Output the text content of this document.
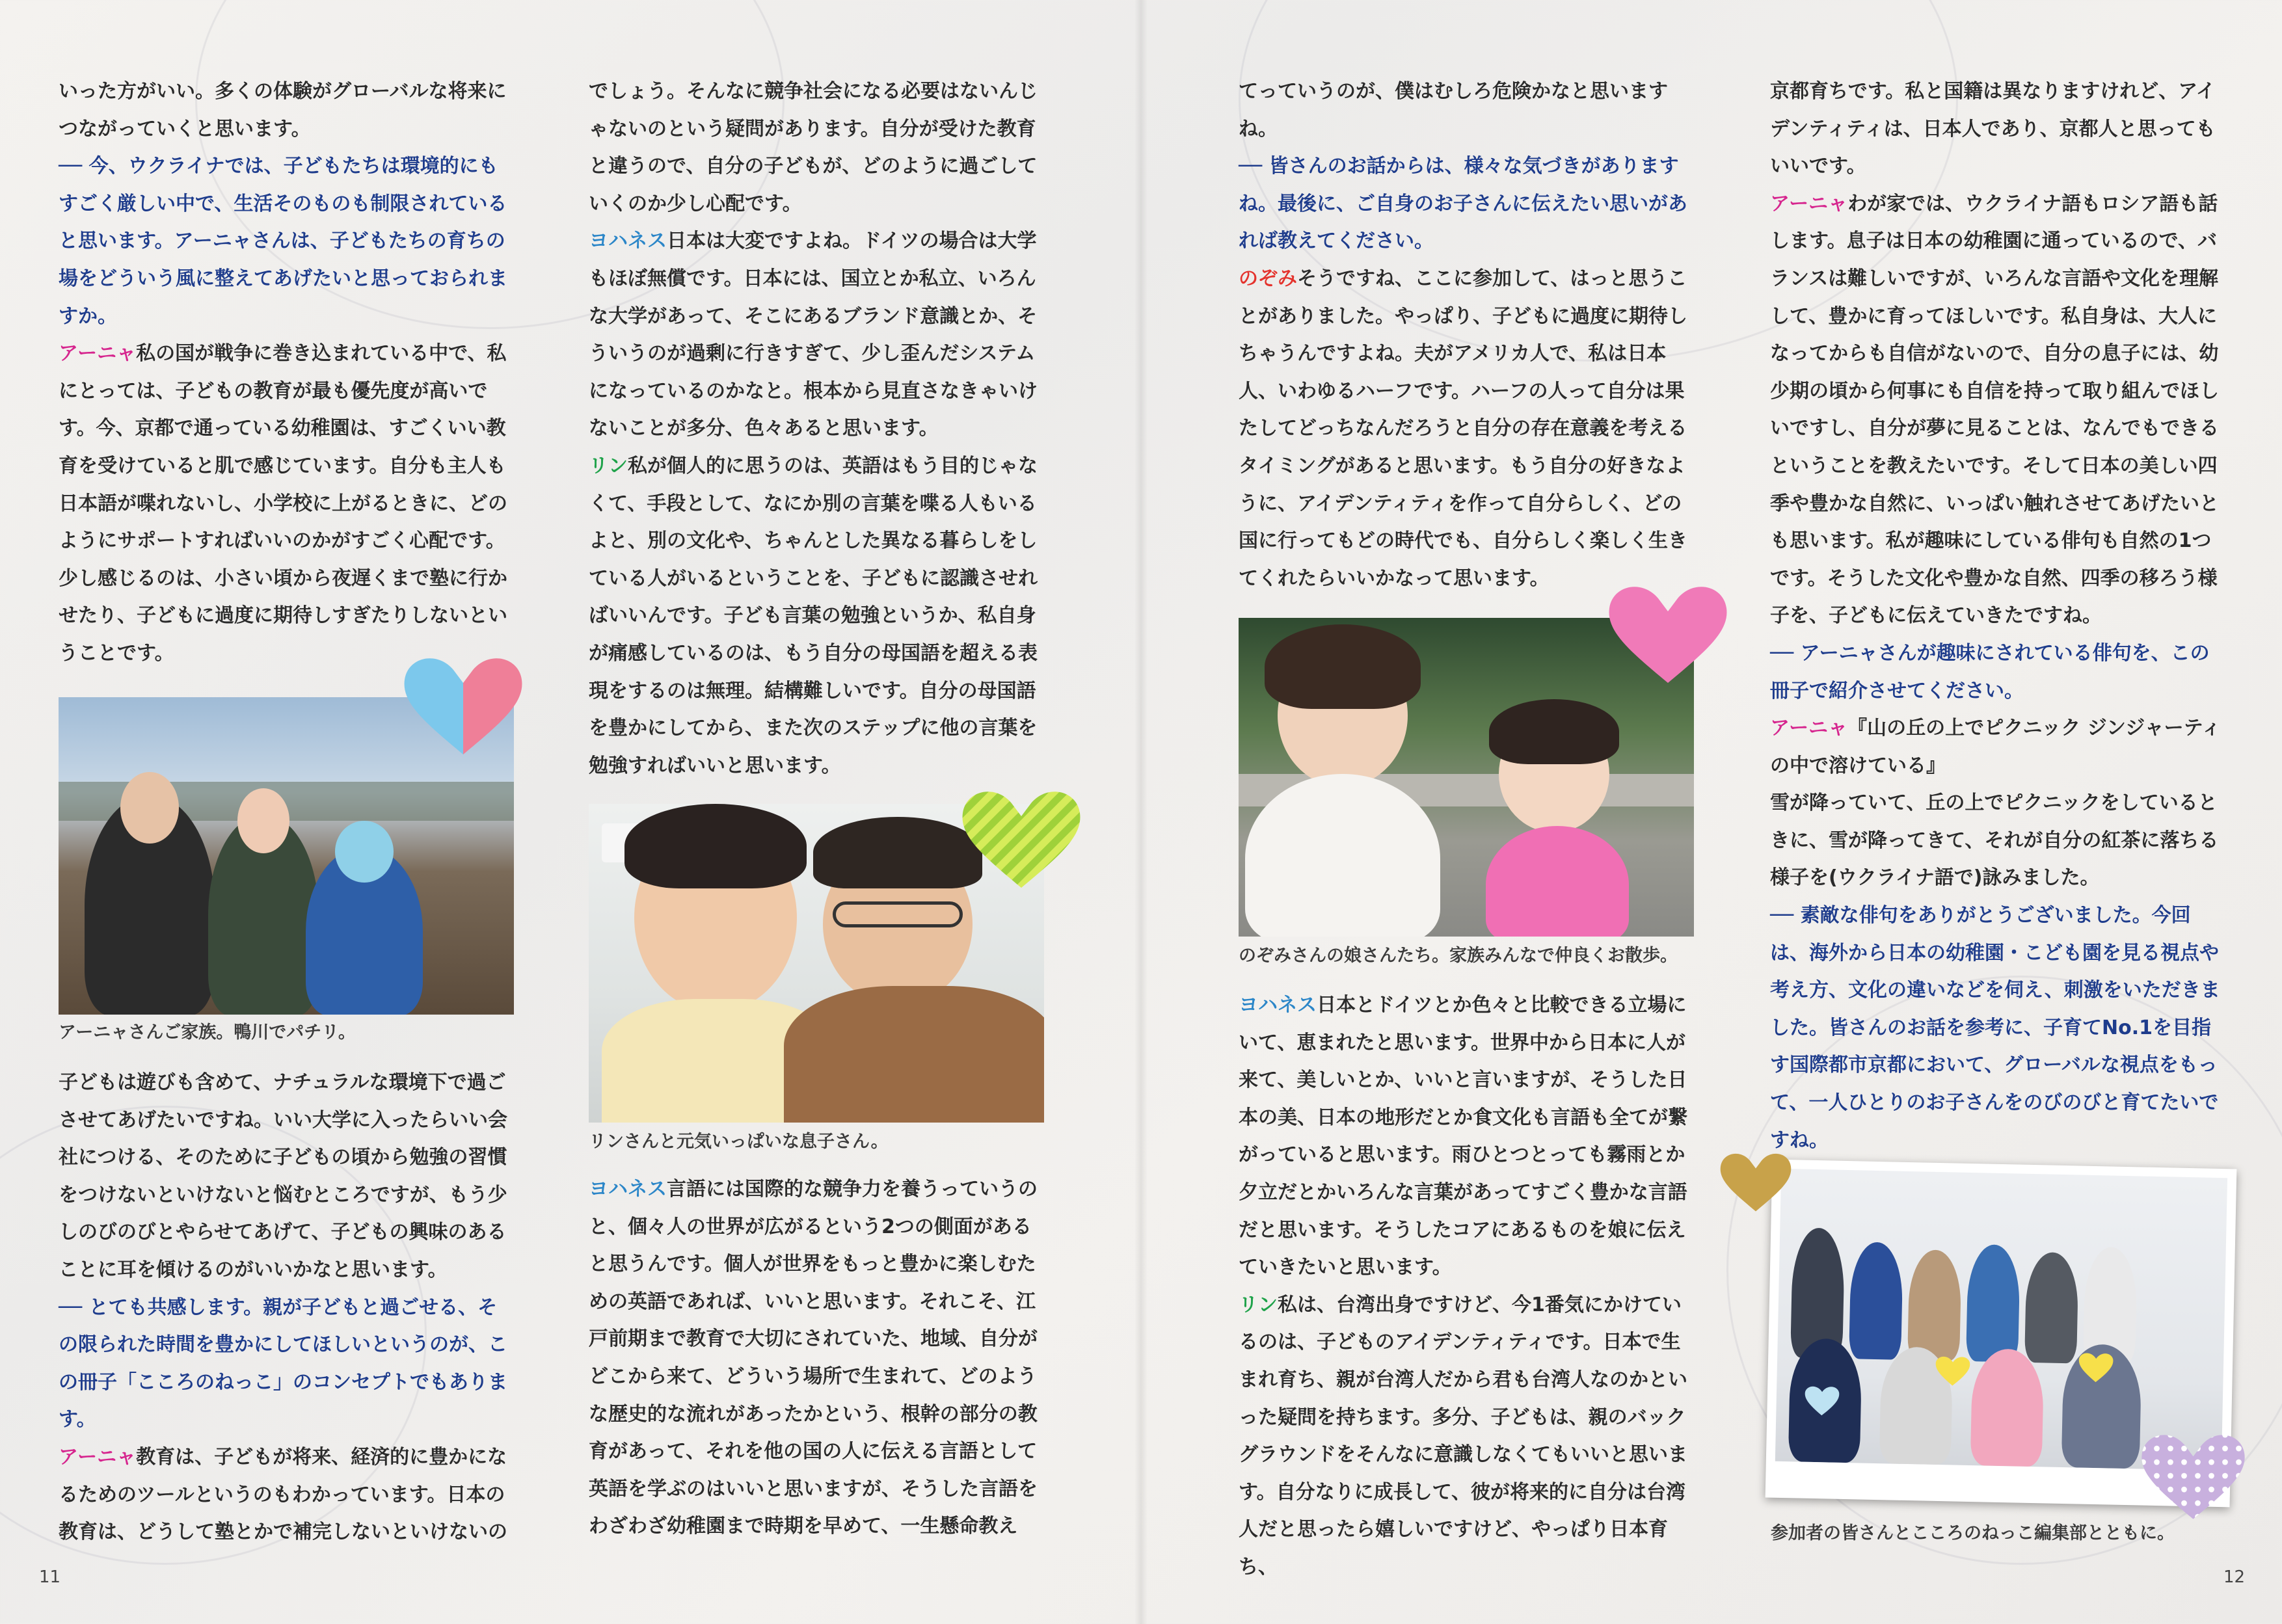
いった方がいい。多くの体験がグローバルな将来につながっていくと思います。

── 今、ウクライナでは、子どもたちは環境的にもすごく厳しい中で、生活そのものも制限されていると思います。アーニャさんは、子どもたちの育ちの場をどういう風に整えてあげたいと思っておられますか。

アーニャ私の国が戦争に巻き込まれている中で、私にとっては、子どもの教育が最も優先度が高いです。今、京都で通っている幼稚園は、すごくいい教育を受けていると肌で感じています。自分も主人も日本語が喋れないし、小学校に上がるときに、どのようにサポートすればいいのかがすごく心配です。少し感じるのは、小さい頃から夜遅くまで塾に行かせたり、子どもに過度に期待しすぎたりしないということです。

アーニャさんご家族。鴨川でパチリ。

子どもは遊びも含めて、ナチュラルな環境下で過ごさせてあげたいですね。いい大学に入ったらいい会社につける、そのために子どもの頃から勉強の習慣をつけないといけないと悩むところですが、もう少しのびのびとやらせてあげて、子どもの興味のあることに耳を傾けるのがいいかなと思います。

── とても共感します。親が子どもと過ごせる、その限られた時間を豊かにしてほしいというのが、この冊子「こころのねっこ」のコンセプトでもあります。

アーニャ教育は、子どもが将来、経済的に豊かになるためのツールというのもわかっています。日本の教育は、どうして塾とかで補完しないといけないの

でしょう。そんなに競争社会になる必要はないんじゃないのという疑問があります。自分が受けた教育と違うので、自分の子どもが、どのように過ごしていくのか少し心配です。

ヨハネス日本は大変ですよね。ドイツの場合は大学もほぼ無償です。日本には、国立とか私立、いろんな大学があって、そこにあるブランド意識とか、そういうのが過剰に行きすぎて、少し歪んだシステムになっているのかなと。根本から見直さなきゃいけないことが多分、色々あると思います。

リン私が個人的に思うのは、英語はもう目的じゃなくて、手段として、なにか別の言葉を喋る人もいるよと、別の文化や、ちゃんとした異なる暮らしをしている人がいるということを、子どもに認識させればいいんです。子ども言葉の勉強というか、私自身が痛感しているのは、もう自分の母国語を超える表現をするのは無理。結構難しいです。自分の母国語を豊かにしてから、また次のステップに他の言葉を勉強すればいいと思います。

リンさんと元気いっぱいな息子さん。

ヨハネス言語には国際的な競争力を養うっていうのと、個々人の世界が広がるという2つの側面があると思うんです。個人が世界をもっと豊かに楽しむための英語であれば、いいと思います。それこそ、江戸前期まで教育で大切にされていた、地域、自分がどこから来て、どういう場所で生まれて、どのような歴史的な流れがあったかという、根幹の部分の教育があって、それを他の国の人に伝える言語として英語を学ぶのはいいと思いますが、そうした言語をわざわざ幼稚園まで時期を早めて、一生懸命教え

11

てっていうのが、僕はむしろ危険かなと思いますね。

── 皆さんのお話からは、様々な気づきがありますね。最後に、ご自身のお子さんに伝えたい思いがあれば教えてください。

のぞみそうですね、ここに参加して、はっと思うことがありました。やっぱり、子どもに過度に期待しちゃうんですよね。夫がアメリカ人で、私は日本人、いわゆるハーフです。ハーフの人って自分は果たしてどっちなんだろうと自分の存在意義を考えるタイミングがあると思います。もう自分の好きなように、アイデンティティを作って自分らしく、どの国に行ってもどの時代でも、自分らしく楽しく生きてくれたらいいかなって思います。

のぞみさんの娘さんたち。家族みんなで仲良くお散歩。

ヨハネス日本とドイツとか色々と比較できる立場にいて、恵まれたと思います。世界中から日本に人が来て、美しいとか、いいと言いますが、そうした日本の美、日本の地形だとか食文化も言語も全てが繋がっていると思います。雨ひとつとっても霧雨とか夕立だとかいろんな言葉があってすごく豊かな言語だと思います。そうしたコアにあるものを娘に伝えていきたいと思います。

リン私は、台湾出身ですけど、今1番気にかけているのは、子どものアイデンティティです。日本で生まれ育ち、親が台湾人だから君も台湾人なのかといった疑問を持ちます。多分、子どもは、親のバックグラウンドをそんなに意識しなくてもいいと思います。自分なりに成長して、彼が将来的に自分は台湾人だと思ったら嬉しいですけど、やっぱり日本育ち、

京都育ちです。私と国籍は異なりますけれど、アイデンティティは、日本人であり、京都人と思ってもいいです。

アーニャわが家では、ウクライナ語もロシア語も話します。息子は日本の幼稚園に通っているので、バランスは難しいですが、いろんな言語や文化を理解して、豊かに育ってほしいです。私自身は、大人になってからも自信がないので、自分の息子には、幼少期の頃から何事にも自信を持って取り組んでほしいですし、自分が夢に見ることは、なんでもできるということを教えたいです。そして日本の美しい四季や豊かな自然に、いっぱい触れさせてあげたいとも思います。私が趣味にしている俳句も自然の1つです。そうした文化や豊かな自然、四季の移ろう様子を、子どもに伝えていきたですね。

── アーニャさんが趣味にされている俳句を、この冊子で紹介させてください。

アーニャ『山の丘の上でピクニック ジンジャーティの中で溶けている』

雪が降っていて、丘の上でピクニックをしているときに、雪が降ってきて、それが自分の紅茶に落ちる様子を(ウクライナ語で)詠みました。

── 素敵な俳句をありがとうございました。今回は、海外から日本の幼稚園・こども園を見る視点や考え方、文化の違いなどを伺え、刺激をいただきました。皆さんのお話を参考に、子育てNo.1を目指す国際都市京都において、グローバルな視点をもって、一人ひとりのお子さんをのびのびと育てたいですね。

参加者の皆さんとこころのねっこ編集部とともに。
12
